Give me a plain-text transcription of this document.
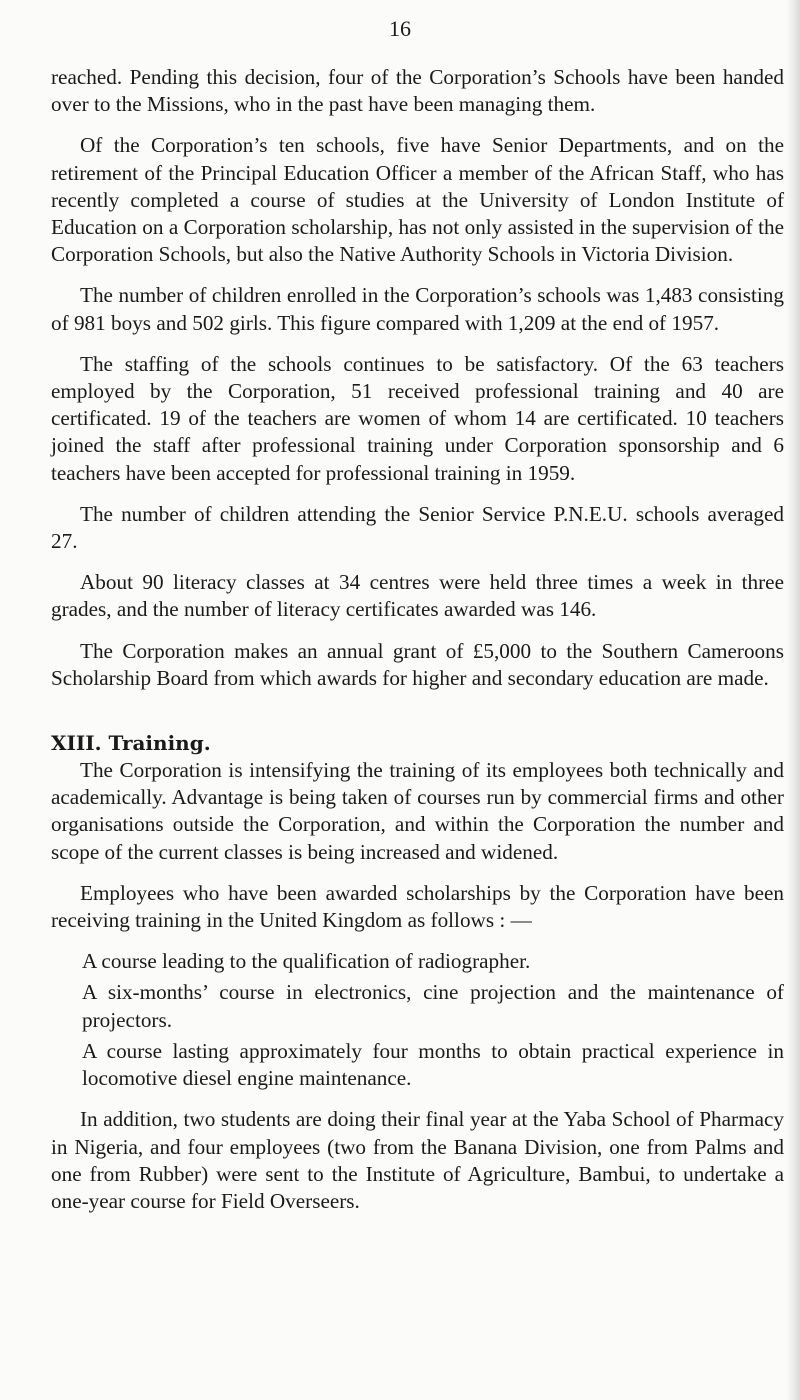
16

reached. Pending this decision, four of the Corporation’s Schools have been handed over to the Missions, who in the past have been managing them.

Of the Corporation’s ten schools, five have Senior Departments, and on the retirement of the Principal Education Officer a member of the African Staff, who has recently completed a course of studies at the University of London Institute of Education on a Corporation scholarship, has not only assisted in the supervision of the Corporation Schools, but also the Native Authority Schools in Victoria Division.

The number of children enrolled in the Corporation’s schools was 1,483 consisting of 981 boys and 502 girls. This figure compared with 1,209 at the end of 1957.

The staffing of the schools continues to be satisfactory. Of the 63 teachers employed by the Corporation, 51 received professional training and 40 are certificated. 19 of the teachers are women of whom 14 are certificated. 10 teachers joined the staff after professional training under Corporation sponsorship and 6 teachers have been accepted for professional training in 1959.

The number of children attending the Senior Service P.N.E.U. schools averaged 27.

About 90 literacy classes at 34 centres were held three times a week in three grades, and the number of literacy certificates awarded was 146.

The Corporation makes an annual grant of £5,000 to the Southern Cameroons Scholarship Board from which awards for higher and secondary education are made.

XIII. Training.

The Corporation is intensifying the training of its employees both technically and academically. Advantage is being taken of courses run by commercial firms and other organisations outside the Corporation, and within the Corporation the number and scope of the current classes is being increased and widened.

Employees who have been awarded scholarships by the Corporation have been receiving training in the United Kingdom as follows : —

A course leading to the qualification of radiographer.

A six-months’ course in electronics, cine projection and the maintenance of projectors.

A course lasting approximately four months to obtain practical experience in locomotive diesel engine maintenance.

In addition, two students are doing their final year at the Yaba School of Pharmacy in Nigeria, and four employees (two from the Banana Division, one from Palms and one from Rubber) were sent to the Institute of Agriculture, Bambui, to undertake a one-year course for Field Overseers.
